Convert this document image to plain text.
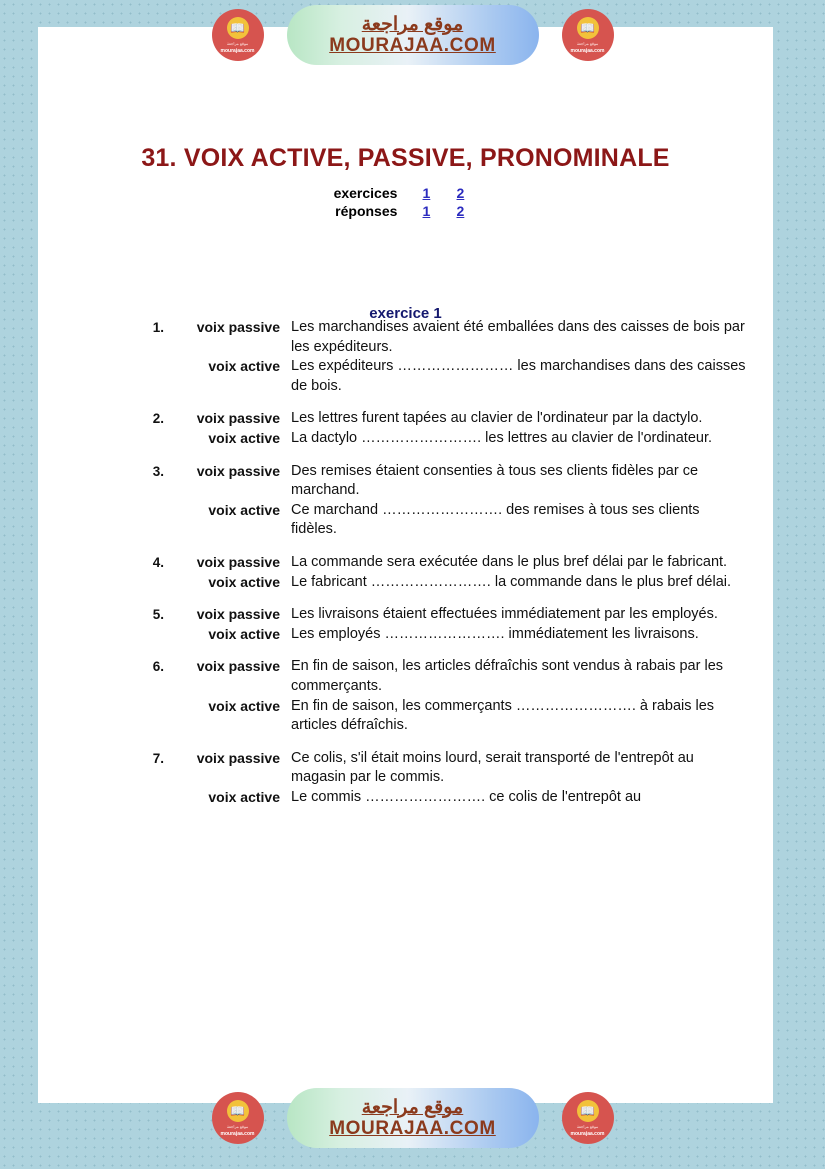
31. VOIX ACTIVE, PASSIVE, PRONOMINALE
exercices	1	2
réponses	1	2
exercice 1
1.	voix passive Les marchandises avaient été emballées dans des caisses de bois par les expéditeurs.
voix active Les expéditeurs …………………… les marchandises dans des caisses de bois.
2.	voix passive Les lettres furent tapées au clavier de l'ordinateur par la dactylo.
voix active La dactylo ……………………. les lettres au clavier de l'ordinateur.
3.	voix passive Des remises étaient consenties à tous ses clients fidèles par ce marchand.
voix active Ce marchand ……………………. des remises à tous ses clients fidèles.
4.	voix passive La commande sera exécutée dans le plus bref délai par le fabricant.
voix active Le fabricant ……………………. la commande dans le plus bref délai.
5.	voix passive Les livraisons étaient effectuées immédiatement par les employés.
voix active Les employés ……………………. immédiatement les livraisons.
6.	voix passive En fin de saison, les articles défraîchis sont vendus à rabais par les commerçants.
voix active En fin de saison, les commerçants ……………………. à rabais les articles défraîchis.
7.	voix passive Ce colis, s'il était moins lourd, serait transporté de l'entrepôt au magasin par le commis.
voix active Le commis ……………………. ce colis de l'entrepôt au
📖
موقع مراجعة
mourajaa.com
موقع مراجعة
MOURAJAA.COM
📖
موقع مراجعة
mourajaa.com
📖
موقع مراجعة
mourajaa.com
موقع مراجعة
MOURAJAA.COM
📖
موقع مراجعة
mourajaa.com
